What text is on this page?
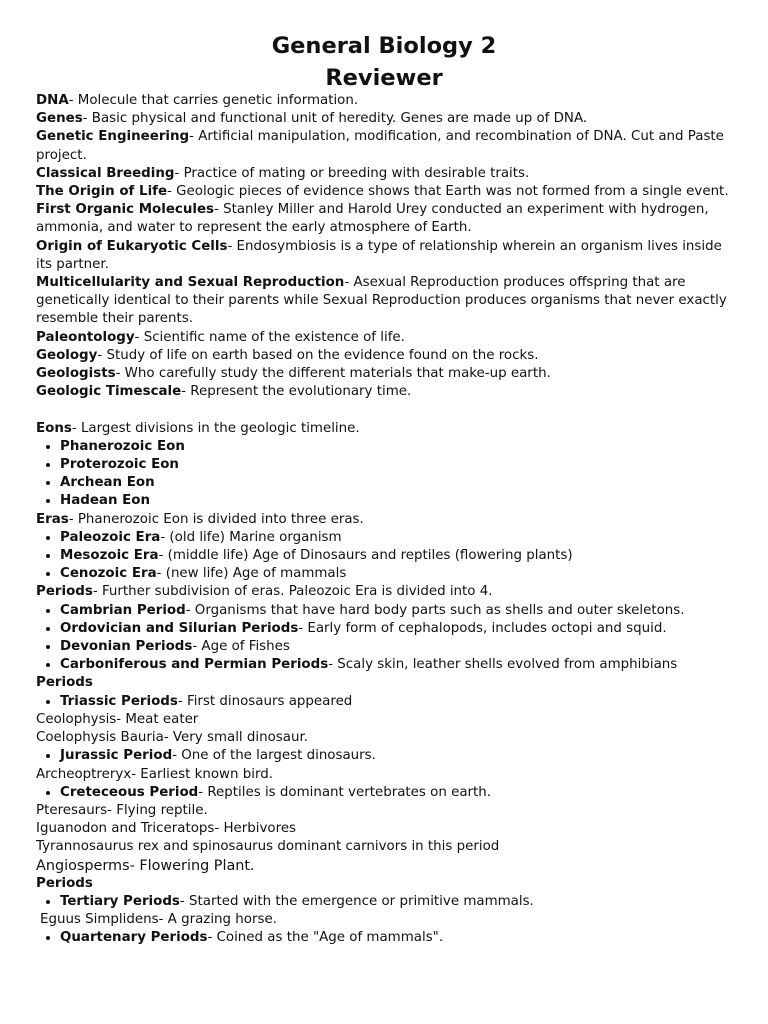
General Biology 2
Reviewer

DNA- Molecule that carries genetic information.

Genes- Basic physical and functional unit of heredity. Genes are made up of DNA.

Genetic Engineering- Artificial manipulation, modification, and recombination of DNA. Cut and Paste project.

Classical Breeding- Practice of mating or breeding with desirable traits.

The Origin of Life- Geologic pieces of evidence shows that Earth was not formed from a single event.

First Organic Molecules- Stanley Miller and Harold Urey conducted an experiment with hydrogen, ammonia, and water to represent the early atmosphere of Earth.

Origin of Eukaryotic Cells- Endosymbiosis is a type of relationship wherein an organism lives inside its partner.

Multicellularity and Sexual Reproduction- Asexual Reproduction produces offspring that are genetically identical to their parents while Sexual Reproduction produces organisms that never exactly resemble their parents.

Paleontology- Scientific name of the existence of life.

Geology- Study of life on earth based on the evidence found on the rocks.

Geologists- Who carefully study the different materials that make-up earth.

Geologic Timescale- Represent the evolutionary time.

Eons- Largest divisions in the geologic timeline.

• Phanerozoic Eon
• Proterozoic Eon
• Archean Eon
• Hadean Eon

Eras- Phanerozoic Eon is divided into three eras.

• Paleozoic Era- (old life) Marine organism
• Mesozoic Era- (middle life) Age of Dinosaurs and reptiles (flowering plants)
• Cenozoic Era- (new life) Age of mammals

Periods- Further subdivision of eras. Paleozoic Era is divided into 4.

• Cambrian Period- Organisms that have hard body parts such as shells and outer skeletons.
• Ordovician and Silurian Periods- Early form of cephalopods, includes octopi and squid.
• Devonian Periods- Age of Fishes
• Carboniferous and Permian Periods- Scaly skin, leather shells evolved from amphibians

Periods

• Triassic Periods- First dinosaurs appeared

Ceolophysis- Meat eater

Coelophysis Bauria- Very small dinosaur.

• Jurassic Period- One of the largest dinosaurs.

Archeoptreryx- Earliest known bird.

• Creteceous Period- Reptiles is dominant vertebrates on earth.

Pteresaurs- Flying reptile.

Iguanodon and Triceratops- Herbivores

Tyrannosaurus rex and spinosaurus dominant carnivors in this period

Angiosperms- Flowering Plant.

Periods

• Tertiary Periods- Started with the emergence or primitive mammals.

Eguus Simplidens- A grazing horse.

• Quartenary Periods- Coined as the "Age of mammals".
